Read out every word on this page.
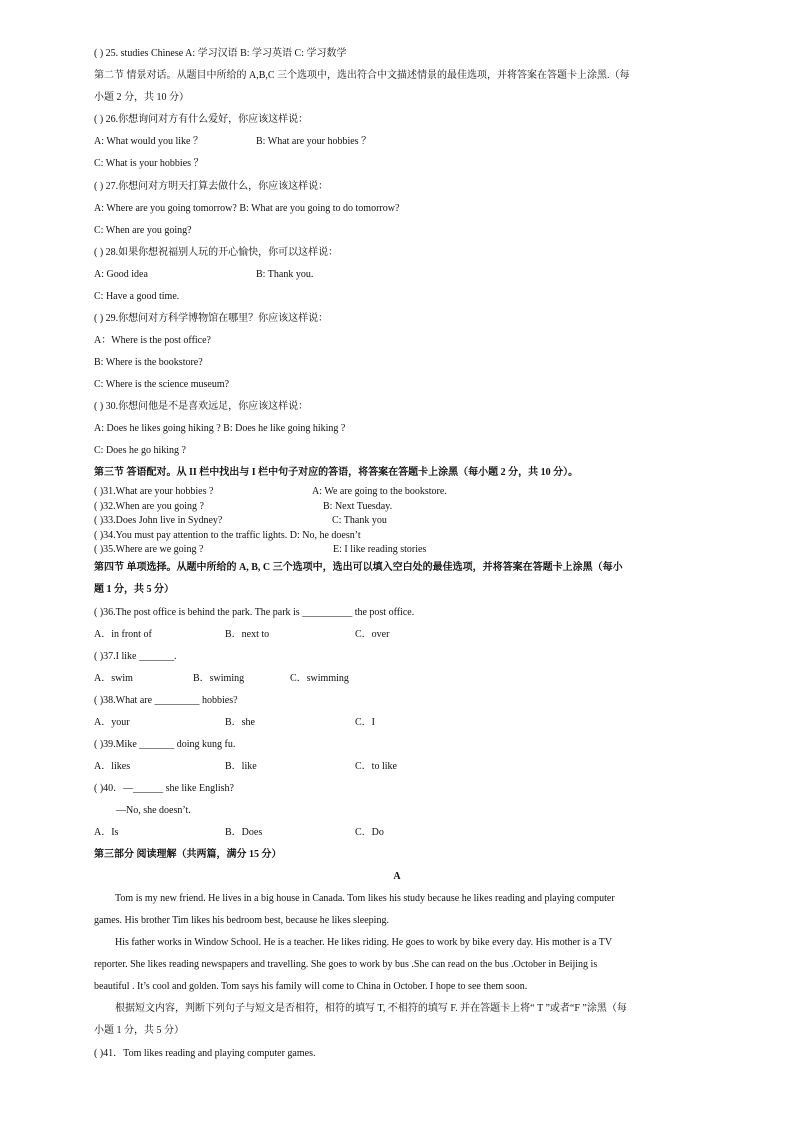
( ) 25. studies Chinese A: 学习汉语 B: 学习英语 C: 学习数学
第二节 情景对话。从题目中所给的 A,B,C 三个选项中，选出符合中文描述情景的最佳选项，并将答案在答题卡上涂黑.（每
小题 2 分，共 10 分）
( ) 26.你想询问对方有什么爱好，你应该这样说：
A: What would you like ？	B: What are your hobbies ？
C: What is your hobbies ？
( ) 27.你想问对方明天打算去做什么，你应该这样说：
A: Where are you going tomorrow? B: What are you going to do tomorrow?
C: When are you going?
( ) 28.如果你想祝福别人玩的开心愉快，你可以这样说：
A: Good idea	B: Thank you.
C: Have a good time.
( ) 29.你想问对方科学博物馆在哪里？你应该这样说：
A：Where is the post office?
B: Where is the bookstore?
C: Where is the science museum?
( ) 30.你想问他是不是喜欢远足，你应该这样说：
A: Does he likes going hiking ? B: Does he like going hiking ?
C: Does he go hiking ?
第三节 答语配对。从 II 栏中找出与 I 栏中句子对应的答语，将答案在答题卡上涂黑（每小题 2 分，共 10 分）。
( )31.What are your hobbies ?	A: We are going to the bookstore.
( )32.When are you going ?	B: Next Tuesday.
( )33.Does John live in Sydney?	C: Thank you
( )34.You must pay attention to the traffic lights. D: No, he doesn’t
( )35.Where are we going ?	E: I like reading stories
第四节 单项选择。从题中所给的 A, B, C 三个选项中，选出可以填入空白处的最佳选项，并将答案在答题卡上涂黑（每小
题 1 分，共 5 分）
( )36.The post office is behind the park. The park is __________ the post office.
A．in front of	B．next to	C．over
( )37.I like _______.
A．swim	B．swiming	C．swimming
( )38.What are _________ hobbies?
A．your	B．she	C．I
( )39.Mike _______ doing kung fu.
A．likes	B．like	C．to like
( )40．—______ she like English?
—No, she doesn’t.
A．Is	B．Does	C．Do
第三部分 阅读理解（共两篇，满分 15 分）
A
Tom is my new friend. He lives in a big house in Canada. Tom likes his study because he likes reading and playing computer
games. His brother Tim likes his bedroom best, because he likes sleeping.
His father works in Window School. He is a teacher. He likes riding. He goes to work by bike every day. His mother is a TV
reporter. She likes reading newspapers and travelling. She goes to work by bus .She can read on the bus .October in Beijing is
beautiful . It’s cool and golden. Tom says his family will come to China in October. I hope to see them soon.
根据短文内容，判断下列句子与短文是否相符，相符的填写 T, 不相符的填写 F. 并在答题卡上将“ T ”或者“F ”涂黑（每
小题 1 分，共 5 分）
( )41．Tom likes reading and playing computer games.
